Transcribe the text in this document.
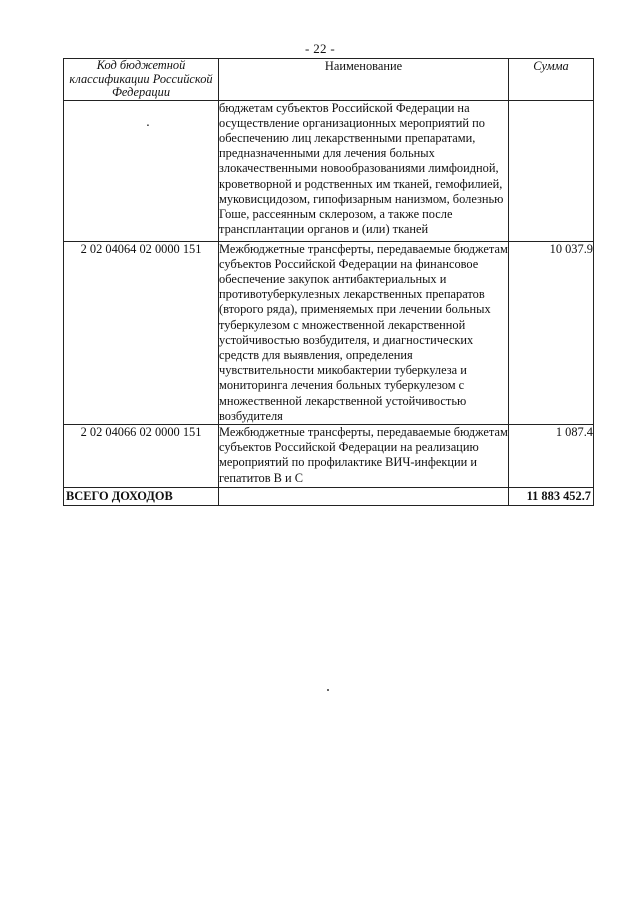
- 22 -
Код бюджетной классификации Российской Федерации	Наименование	Сумма
·	бюджетам субъектов Российской Федерации на осуществление организационных мероприятий по обеспечению лиц лекарственными препаратами, предназначенными для лечения больных злокачественными новообразованиями лимфоидной, кроветворной и родственных им тканей, гемофилией, муковисцидозом, гипофизарным нанизмом, болезнью Гоше, рассеянным склерозом, а также после трансплантации органов и (или) тканей	
2 02 04064 02 0000 151	Межбюджетные трансферты, передаваемые бюджетам субъектов Российской Федерации на финансовое обеспечение закупок антибактериальных и противотуберкулезных лекарственных препаратов (второго ряда), применяемых при лечении больных туберкулезом с множественной лекарственной устойчивостью возбудителя, и диагностических средств для выявления, определения чувствительности микобактерии туберкулеза и мониторинга лечения больных туберкулезом с множественной лекарственной устойчивостью возбудителя	10 037.9
2 02 04066 02 0000 151	Межбюджетные трансферты, передаваемые бюджетам субъектов Российской Федерации на реализацию мероприятий по профилактике ВИЧ-инфекции и гепатитов В и С	1 087.4
ВСЕГО ДОХОДОВ		11 883 452.7
